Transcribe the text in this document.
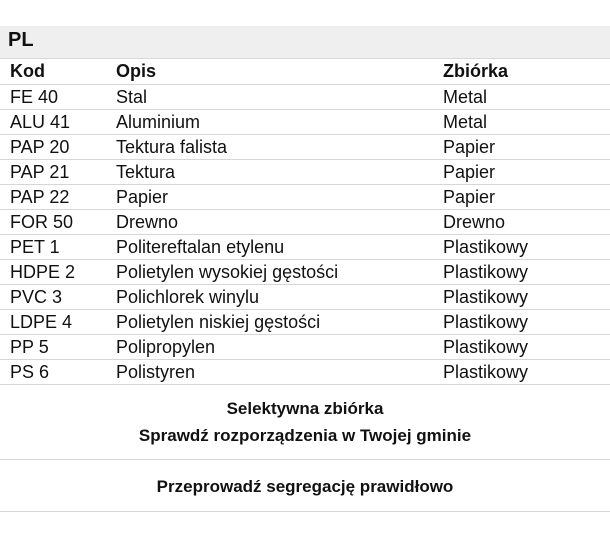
PL
Kod	Opis	Zbiórka
FE 40	Stal	Metal
ALU 41	Aluminium	Metal
PAP 20	Tektura falista	Papier
PAP 21	Tektura	Papier
PAP 22	Papier	Papier
FOR 50	Drewno	Drewno
PET 1	Politereftalan etylenu	Plastikowy
HDPE 2	Polietylen wysokiej gęstości	Plastikowy
PVC 3	Polichlorek winylu	Plastikowy
LDPE 4	Polietylen niskiej gęstości	Plastikowy
PP 5	Polipropylen	Plastikowy
PS 6	Polistyren	Plastikowy
Selektywna zbiórka
Sprawdź rozporządzenia w Twojej gminie
Przeprowadź segregację prawidłowo
